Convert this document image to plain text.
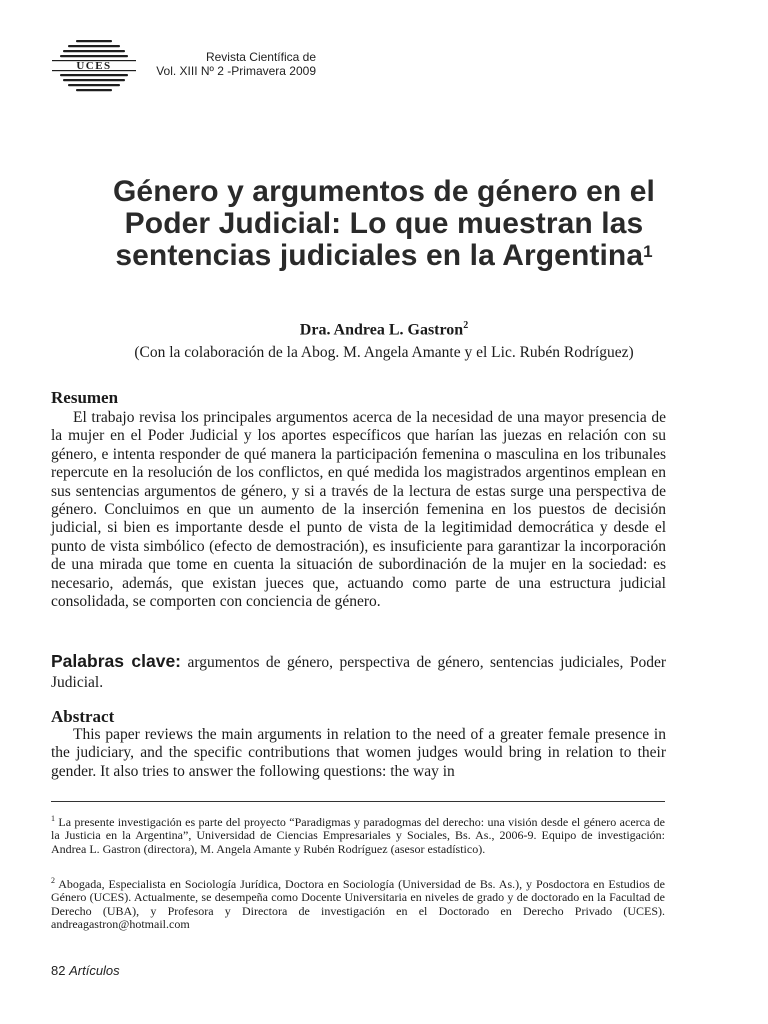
UCES
Revista Científica de
Vol. XIII Nº 2 -Primavera 2009
Género y argumentos de género en el
Poder Judicial: Lo que muestran las
sentencias judiciales en la Argentina$^1$
Dra. Andrea L. Gastron$^2$
(Con la colaboración de la Abog. M. Angela Amante y el Lic. Rubén Rodríguez)
Resumen

El trabajo revisa los principales argumentos acerca de la necesidad de una mayor presencia de la mujer en el Poder Judicial y los aportes específicos que harían las juezas en relación con su género, e intenta responder de qué manera la participación femenina o masculina en los tribunales repercute en la resolución de los conflictos, en qué medida los magistrados argentinos emplean en sus sentencias argumentos de género, y si a través de la lectura de estas surge una perspectiva de género. Concluimos en que un aumento de la inserción femenina en los puestos de decisión judicial, si bien es importante desde el punto de vista de la legitimidad democrática y desde el punto de vista simbólico (efecto de demostración), es insuficiente para garantizar la incorporación de una mirada que tome en cuenta la situación de subordinación de la mujer en la sociedad: es necesario, además, que existan jueces que, actuando como parte de una estructura judicial consolidada, se comporten con conciencia de género.

Palabras clave: argumentos de género, perspectiva de género, sentencias judiciales, Poder Judicial.

Abstract

This paper reviews the main arguments in relation to the need of a greater female presence in the judiciary, and the specific contributions that women judges would bring in relation to their gender. It also tries to answer the following questions: the way in

$^1$ La presente investigación es parte del proyecto “Paradigmas y paradogmas del derecho: una visión desde el género acerca de la Justicia en la Argentina”, Universidad de Ciencias Empresariales y Sociales, Bs. As., 2006-9. Equipo de investigación: Andrea L. Gastron (directora), M. Angela Amante y Rubén Rodríguez (asesor estadístico).

$^2$ Abogada, Especialista en Sociología Jurídica, Doctora en Sociología (Universidad de Bs. As.), y Posdoctora en Estudios de Género (UCES). Actualmente, se desempeña como Docente Universitaria en niveles de grado y de doctorado en la Facultad de Derecho (UBA), y Profesora y Directora de investigación en el Doctorado en Derecho Privado (UCES). andreagastron@hotmail.com

82 Artículos
